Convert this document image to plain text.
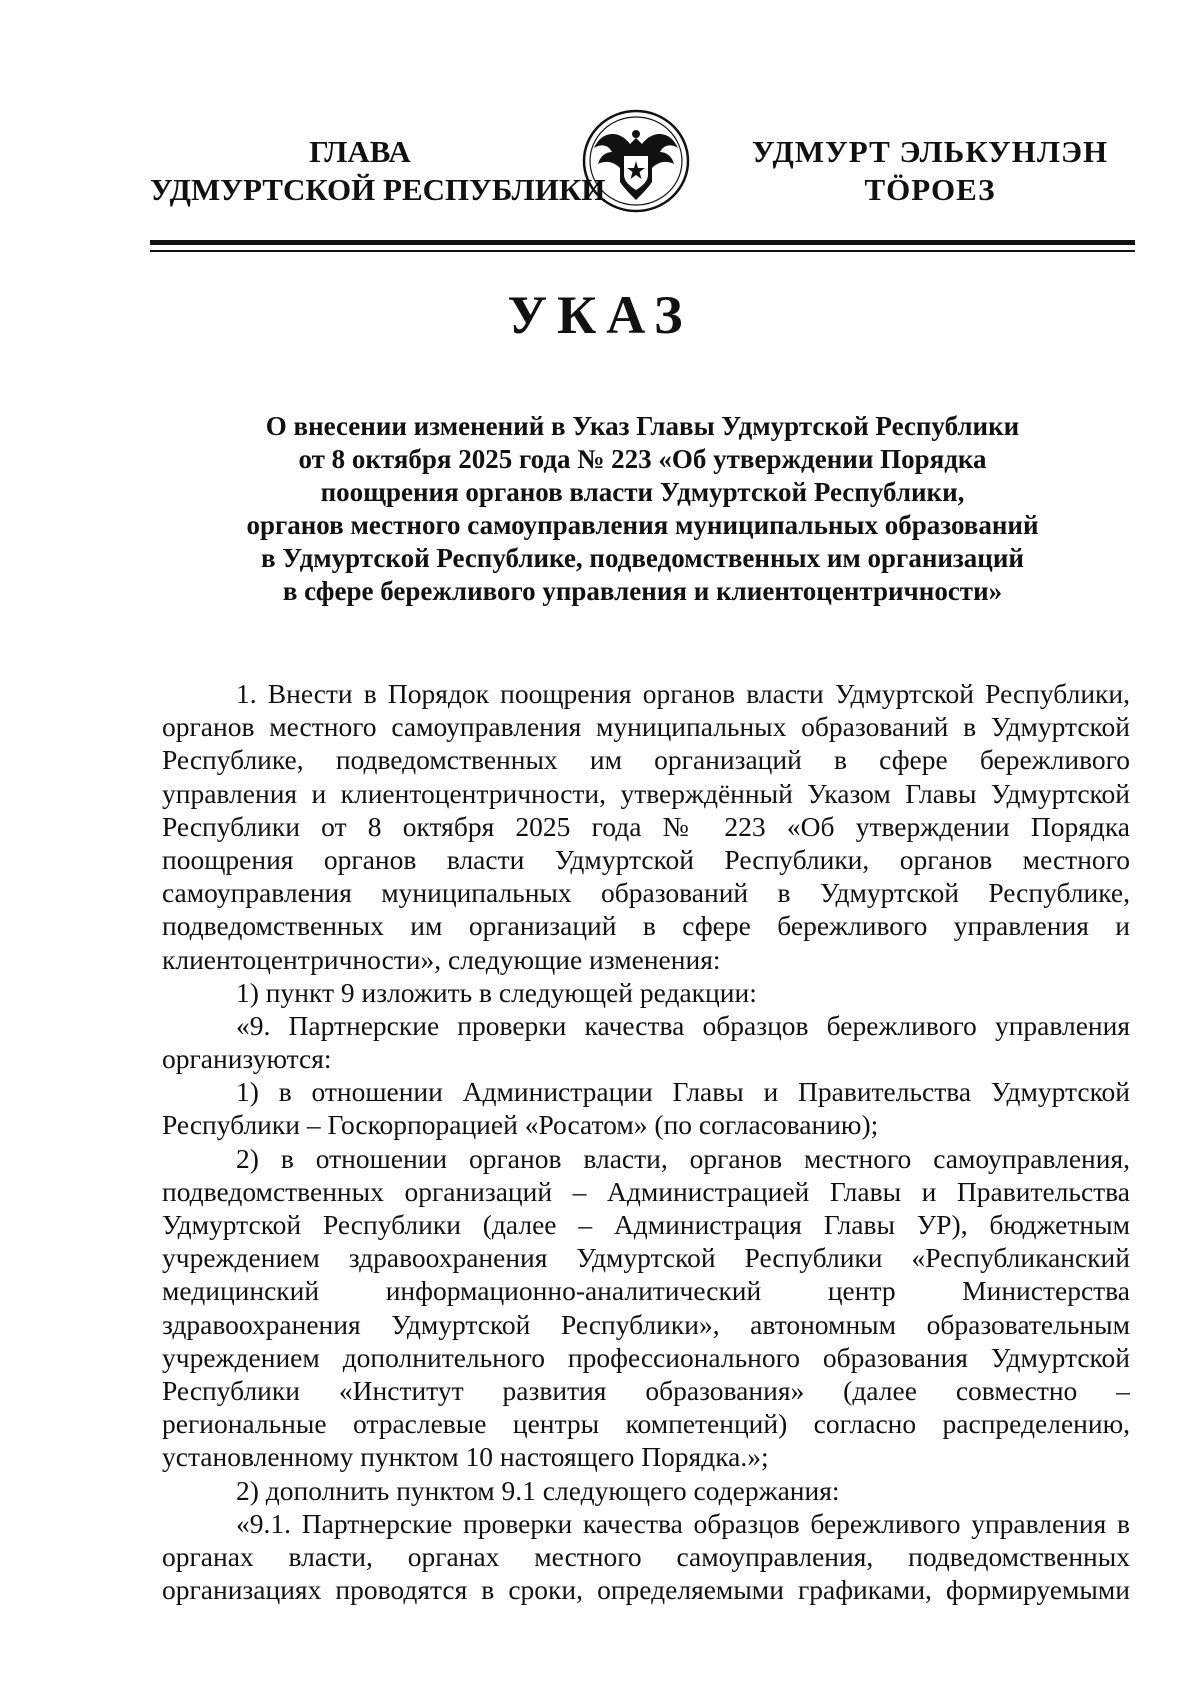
ГЛАВА
УДМУРТСКОЙ РЕСПУБЛИКИ
УДМУРТ ЭЛЬКУНЛЭН
ТӦРОЕЗ
УКАЗ
О внесении изменений в Указ Главы Удмуртской Республики
от 8 октября 2025 года № 223 «Об утверждении Порядка
поощрения органов власти Удмуртской Республики,
органов местного самоуправления муниципальных образований
в Удмуртской Республике, подведомственных им организаций
в сфере бережливого управления и клиентоцентричности»
1. Внести в Порядок поощрения органов власти Удмуртской Республики,
органов местного самоуправления муниципальных образований в Удмуртской
Республике, подведомственных им организаций в сфере бережливого
управления и клиентоцентричности, утверждённый Указом Главы Удмуртской
Республики от 8 октября 2025 года № 223 «Об утверждении Порядка
поощрения органов власти Удмуртской Республики, органов местного
самоуправления муниципальных образований в Удмуртской Республике,
подведомственных им организаций в сфере бережливого управления и
клиентоцентричности», следующие изменения:
1) пункт 9 изложить в следующей редакции:
«9. Партнерские проверки качества образцов бережливого управления
организуются:
1) в отношении Администрации Главы и Правительства Удмуртской
Республики – Госкорпорацией «Росатом» (по согласованию);
2) в отношении органов власти, органов местного самоуправления,
подведомственных организаций – Администрацией Главы и Правительства
Удмуртской Республики (далее – Администрация Главы УР), бюджетным
учреждением здравоохранения Удмуртской Республики «Республиканский
медицинский информационно-аналитический центр Министерства
здравоохранения Удмуртской Республики», автономным образовательным
учреждением дополнительного профессионального образования Удмуртской
Республики «Институт развития образования» (далее совместно –
региональные отраслевые центры компетенций) согласно распределению,
установленному пунктом 10 настоящего Порядка.»;
2) дополнить пунктом 9.1 следующего содержания:
«9.1. Партнерские проверки качества образцов бережливого управления в
органах власти, органах местного самоуправления, подведомственных
организациях проводятся в сроки, определяемыми графиками, формируемыми
